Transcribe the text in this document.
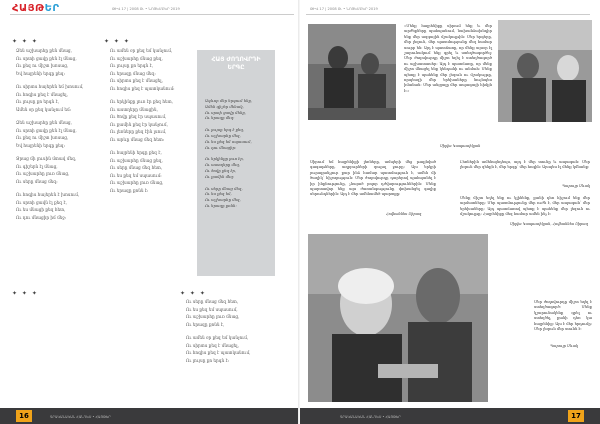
ՀԱՅԹԵՐ	ԹԻՎ 17 | 2008 Թ. • ՆՈՅԵՄԲԵՐ 2019
✦ ✦ ✦
Ձեն աշխարհը քեն մնաց,
Ու սրտի ցավը քեն էլ մնաց,
Ու քեզ ու միշտ խոսաց,
Եվ հայրենի երգը քեզ։
Ու սիրտս հայերեն եմ խոսում,
Ու հոգիս քեզ է մնացել,
Ու լույսը քո երգն է,
Ամեն օր քեզ կանչում եմ։
Ձեն աշխարհը քեն մնաց,
Ու սրտի ցավը քեն էլ մնաց,
Ու քեզ ու միշտ խոսաց,
Եվ հայրենի երգը քեզ։
Ջրաց մի լուսին մտավ մեզ,
Ու գիշերն էլ մնաց,
Ու աշխարհը լուռ մնաց,
Ու սերը մնաց մեզ։
Ու հոգիս հայերեն է խոսում,
Ու սրտի ցավն էլ քեզ է,
Ու ես մնացի քեզ հետ,
Ու դու մնացիր իմ մեջ։
✦ ✦ ✦
Ու ամեն օր քեզ եմ կանչում,
Ու աշխարհը մնաց քեզ,
Ու լույսը քո երգն է,
Ու երազը մնաց մեզ։
Ու սիրտս քեզ է մնացել,
Ու հոգիս քեզ է պատկանում։
Ու երկինքը լուռ էր քեզ հետ,
Ու աստղերը մնացին,
Ու ծովը քեզ էր սպասում,
Ու քամին քեզ էր կանչում,
Ու լեռները քեզ էին լսում,
Ու արևը մնաց մեզ հետ։
Ու հայրենի երգը քեզ է,
Ու աշխարհը մնաց քեզ,
Ու սերը մնաց մեզ հետ,
Ու ես քեզ եմ սպասում։
Ու աշխարհը լուռ մնաց,
Ու երազը քոնն է։
ՀԱՅ ԺՈՂՈՎՐԴԻ
ԵՐԳԸ
Ագևոր մեր երգում ենք,
Ամեն գիշեր մենակ,
Ու սրտի ցավը մենք,
Ու երազը մեզ։
Ու լույսը երգ է քեզ,
Ու աշխարհը մեզ,
Ու ես քեզ եմ սպասում,
Ու դու մնացիր։
Ու երկինքը լուռ էր,
Ու աստղերը մեզ,
Ու ծովը քեզ էր,
Ու քամին մեզ։
Ու սերը մնաց մեզ,
Ու ես քեզ եմ,
Ու աշխարհը մեզ,
Ու երազը քոնն։
✦ ✦ ✦	✦ ✦ ✦
Ու սերը մնաց մեզ հետ,
Ու ես քեզ եմ սպասում,
Ու աշխարհը լուռ մնաց,
Ու երազը քոնն է,
Ու ամեն օր քեզ եմ կանչում,
Ու սիրտս քեզ է մնացել,
Ու հոգիս քեզ է պատկանում,
Ու լույսը քո երգն է։
ԳՐԱԿԱՆԱԿԱՆ ՀԱՆԴԵՍ • ՀԱՅԹԵՐ
16
ԹԻՎ 17 | 2008 Թ. • ՆՈՅԵՄԲԵՐ 2019
«Մենք հայրենիքը սիրում ենք և մեր արժեքները պահպանում, նախանձախնդիր ենք մեր ազգային մշակույթին։ Մեր երգերը, մեր լեզուն, մեր պատմությունը մեզ համար սուրբ են։ Այդ է պատճառը, որ մենք այսօր էլ շարունակում ենք գրել և ստեղծագործել։ Մեր ժողովուրդը միշտ եղել է ստեղծագործ ու աշխատասեր։ Այդ է պատճառը, որ մենք միշտ մնացել ենք կենդանի ու անմահ։ Մենք պետք է պահենք մեր լեզուն ու մշակույթը, որպեսզի մեր երեխաները նույնպես իմանան։ Մեր անցյալը մեր ապագայի հիմքն է։»
Սիլվա Կապուտիկյան
Սիրում եմ հայրենիքի լեռները, ամպերի մեջ թաքնված գագաթները, աղբյուրների զուլալ ջուրը։ Այս երկրի յուրաքանչյուր քար ինձ համար պատմություն է, ամեն մի ծաղիկ՝ հիշողություն։ Մեր ժողովուրդը դարերով պահպանել է իր ինքնությունը, չնայած բոլոր դժվարություններին։ Մենք պարտավոր ենք այս ժառանգությունը փոխանցել գալիք սերունդներին։ Այդ է մեր ամենամեծ պարտքը։
Հովհաննես Շիրազ
Լեռներին ամենայնդեպս, այդ է մեր տունը և ապագան։ Մեր լեզուն մեր զենքն է, մեր երգը՝ մեր հոգին։ Այսպես էլ մենք կմնանք։
Պարույր Սևակ
Մենք միշտ եղել ենք ու կլինենք, քանի դեռ հիշում ենք մեր արմատները։ Մեր պատմությունը մեր ուժն է, մեր ապագան՝ մեր երեխաները։ Այդ պատճառով պետք է պահենք մեր լեզուն ու մշակույթը։ Հայրենիքը մեզ համար ամեն ինչ է։
Սիլվա Կապուտիկյան, Հովհաննես Շիրազ
Մեր ժողովուրդը միշտ եղել է ստեղծագործ։ Մենք կշարունակենք գրել ու ստեղծել, քանի դեռ կա հայրենիք։ Այս է մեր երդումը։ Մեր լեզուն մեր տունն է։
Պարույր Սևակ
ԳՐԱԿԱՆԱԿԱՆ ՀԱՆԴԵՍ • ՀԱՅԹԵՐ	17
